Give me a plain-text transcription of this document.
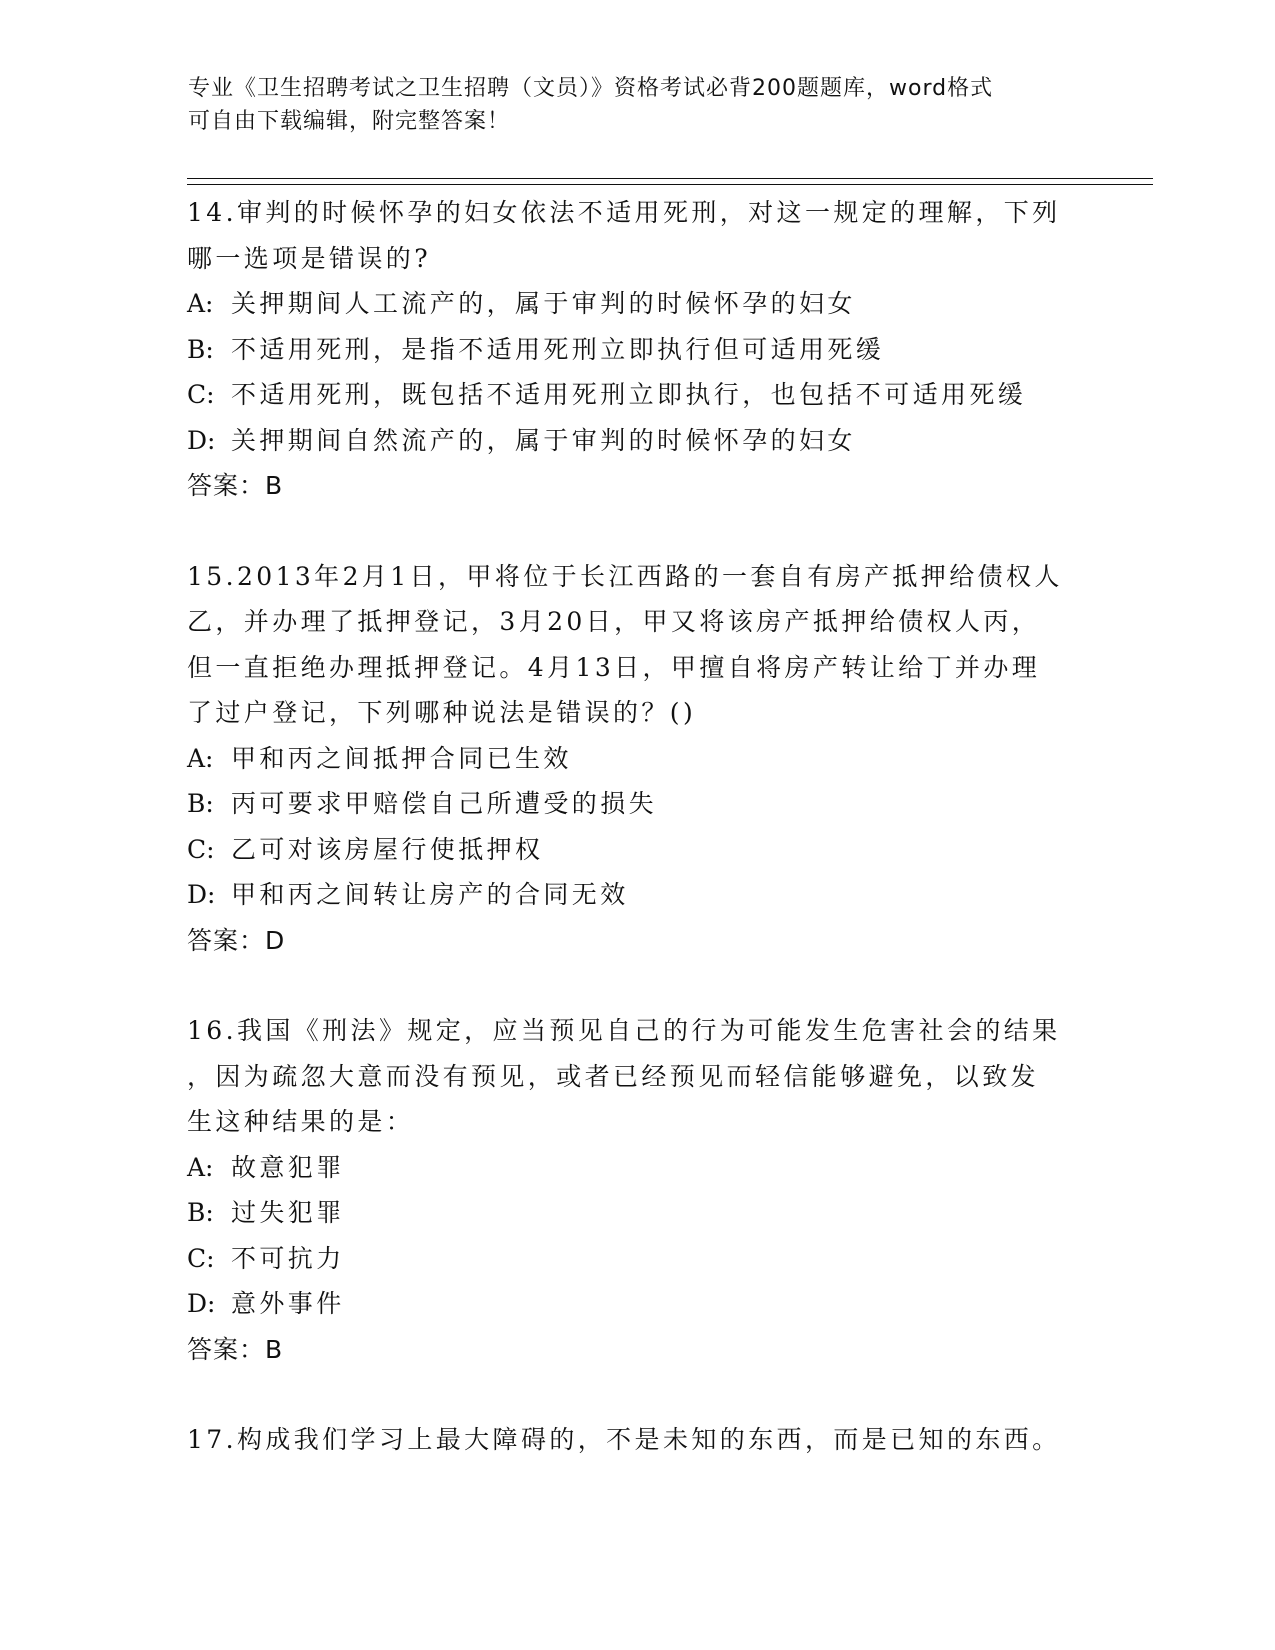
专业《卫生招聘考试之卫生招聘（文员）》资格考试必背200题题库，word格式
可自由下载编辑，附完整答案！
14.审判的时候怀孕的妇女依法不适用死刑，对这一规定的理解，下列
哪一选项是错误的?
A: 关押期间人工流产的，属于审判的时候怀孕的妇女
B: 不适用死刑，是指不适用死刑立即执行但可适用死缓
C: 不适用死刑，既包括不适用死刑立即执行，也包括不可适用死缓
D: 关押期间自然流产的，属于审判的时候怀孕的妇女
答案：B
15.2013年2月1日，甲将位于长江西路的一套自有房产抵押给债权人
乙，并办理了抵押登记，3月20日，甲又将该房产抵押给债权人丙，
但一直拒绝办理抵押登记。4月13日，甲擅自将房产转让给丁并办理
了过户登记，下列哪种说法是错误的？()
A: 甲和丙之间抵押合同已生效
B: 丙可要求甲赔偿自己所遭受的损失
C: 乙可对该房屋行使抵押权
D: 甲和丙之间转让房产的合同无效
答案：D
16.我国《刑法》规定，应当预见自己的行为可能发生危害社会的结果
，因为疏忽大意而没有预见，或者已经预见而轻信能够避免，以致发
生这种结果的是：
A: 故意犯罪
B: 过失犯罪
C: 不可抗力
D: 意外事件
答案：B
17.构成我们学习上最大障碍的，不是未知的东西，而是已知的东西。
